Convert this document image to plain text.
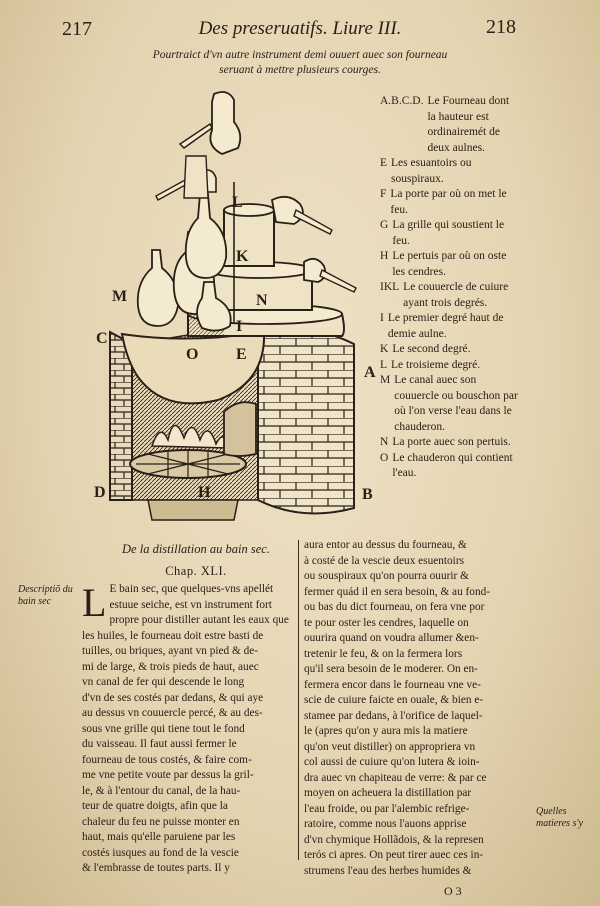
217	Des preseruatifs. Liure III.	218
Pourtraict d'vn autre instrument demi ouuert auec son fourneau
seruant à mettre plusieurs courges.
L
K
I
N
M
C
O E
A
D	H	B
A.B.C.D. Le Fourneau dont la hauteur est ordinairemét de deux aulnes.
E Les esuantoirs ou souspiraux.
F La porte par où on met le feu.
G La grille qui soustient le feu.
H Le pertuis par où on oste les cendres.
IKL Le couuercle de cuiure ayant trois degrés.
I Le premier degré haut de demie aulne.
K Le second degré.
L Le troisieme degré.
M Le canal auec son couuercle ou bouschon par où l'on verse l'eau dans le chauderon.
N La porte auec son pertuis.
O Le chauderon qui contient l'eau.
De la distillation au bain sec.
Chap. XLI.
Descriptiõ du bain sec
Quelles matieres s'y
L E bain sec, que quelques-vns apellét
estuue seiche, est vn instrument fort
propre pour distiller autant les eaux que
les huiles, le fourneau doit estre basti de
tuilles, ou briques, ayant vn pied & de-
mi de large, & trois pieds de haut, auec
vn canal de fer qui descende le long
d'vn de ses costés par dedans, & qui aye
au dessus vn couuercle percé, & au des-
sous vne grille qui tiene tout le fond
du vaisseau. Il faut aussi fermer le
fourneau de tous costés, & faire com-
me vne petite voute par dessus la gril-
le, & à l'entour du canal, de la hau-
teur de quatre doigts, afin que la
chaleur du feu ne puisse monter en
haut, mais qu'elle paruiene par les
costés iusques au fond de la vescie
& l'embrasse de toutes parts. Il y
aura entor au dessus du fourneau, &
à costé de la vescie deux esuentoirs
ou souspiraux qu'on pourra ouurir &
fermer quád il en sera besoin, & au fond-
ou bas du dict fourneau, on fera vne por
te pour oster les cendres, laquelle on
ouurira quand on voudra allumer &en-
tretenir le feu, & on la fermera lors
qu'il sera besoin de le moderer. On en-
fermera encor dans le fourneau vne ve-
scie de cuiure faicte en ouale, & bien e-
stamee par dedans, à l'orifice de laquel-
le (apres qu'on y aura mis la matiere
qu'on veut distiller) on appropriera vn
col aussi de cuiure qu'on lutera & ioin-
dra auec vn chapiteau de verre: & par ce
moyen on acheuera la distillation par
l'eau froide, ou par l'alembic refrige-
ratoire, comme nous l'auons apprise
d'vn chymique Hollãdois, & la represen
terós ci apres. On peut tirer auec ces in-
strumens l'eau des herbes humides &
O 3
